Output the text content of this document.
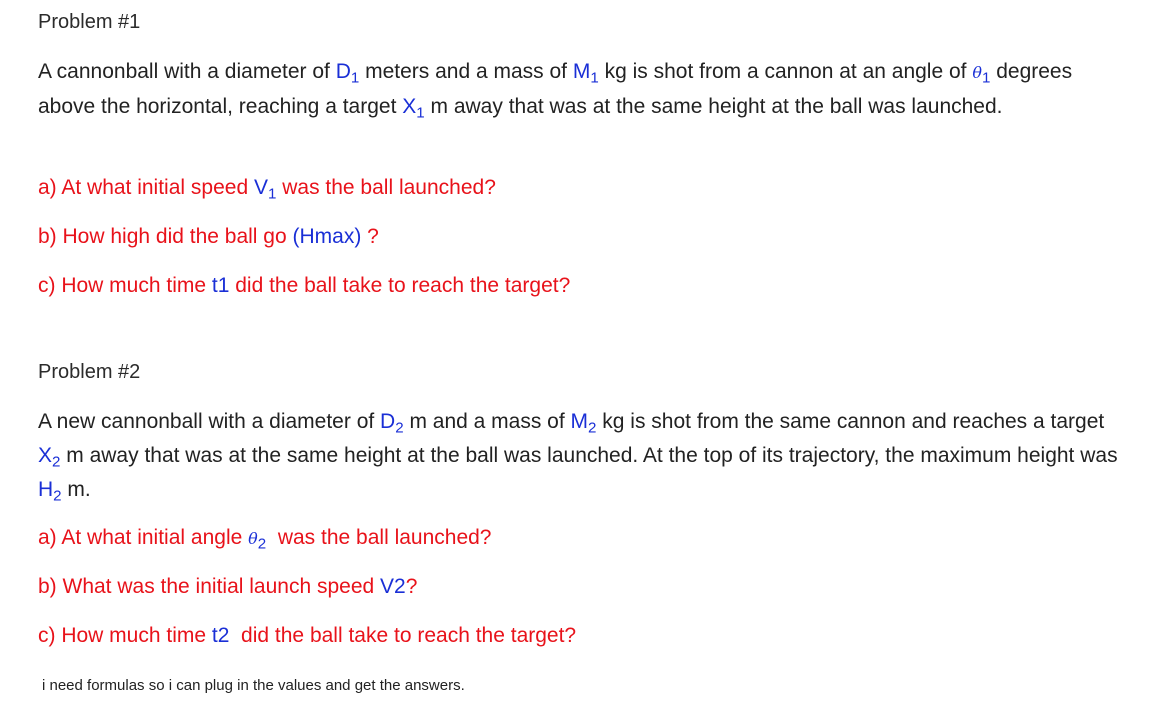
Problem #1
A cannonball with a diameter of $D_1$ meters and a mass of $M_1$ kg is shot from a cannon at an angle of $\theta_1$ degrees above the horizontal, reaching a target $X_1$ m away that was at the same height at the ball was launched.
a) At what initial speed $V_1$ was the ball launched?
b) How high did the ball go (Hmax) ?
c) How much time t1 did the ball take to reach the target?
Problem #2
A new cannonball with a diameter of $D_2$ m and a mass of $M_2$ kg is shot from the same cannon and reaches a target $X_2$ m away that was at the same height at the ball was launched. At the top of its trajectory, the maximum height was $H_2$ m.
a) At what initial angle $\theta_2$  was the ball launched?
b) What was the initial launch speed V2?
c) How much time t2  did the ball take to reach the target?
i need formulas so i can plug in the values and get the answers.
